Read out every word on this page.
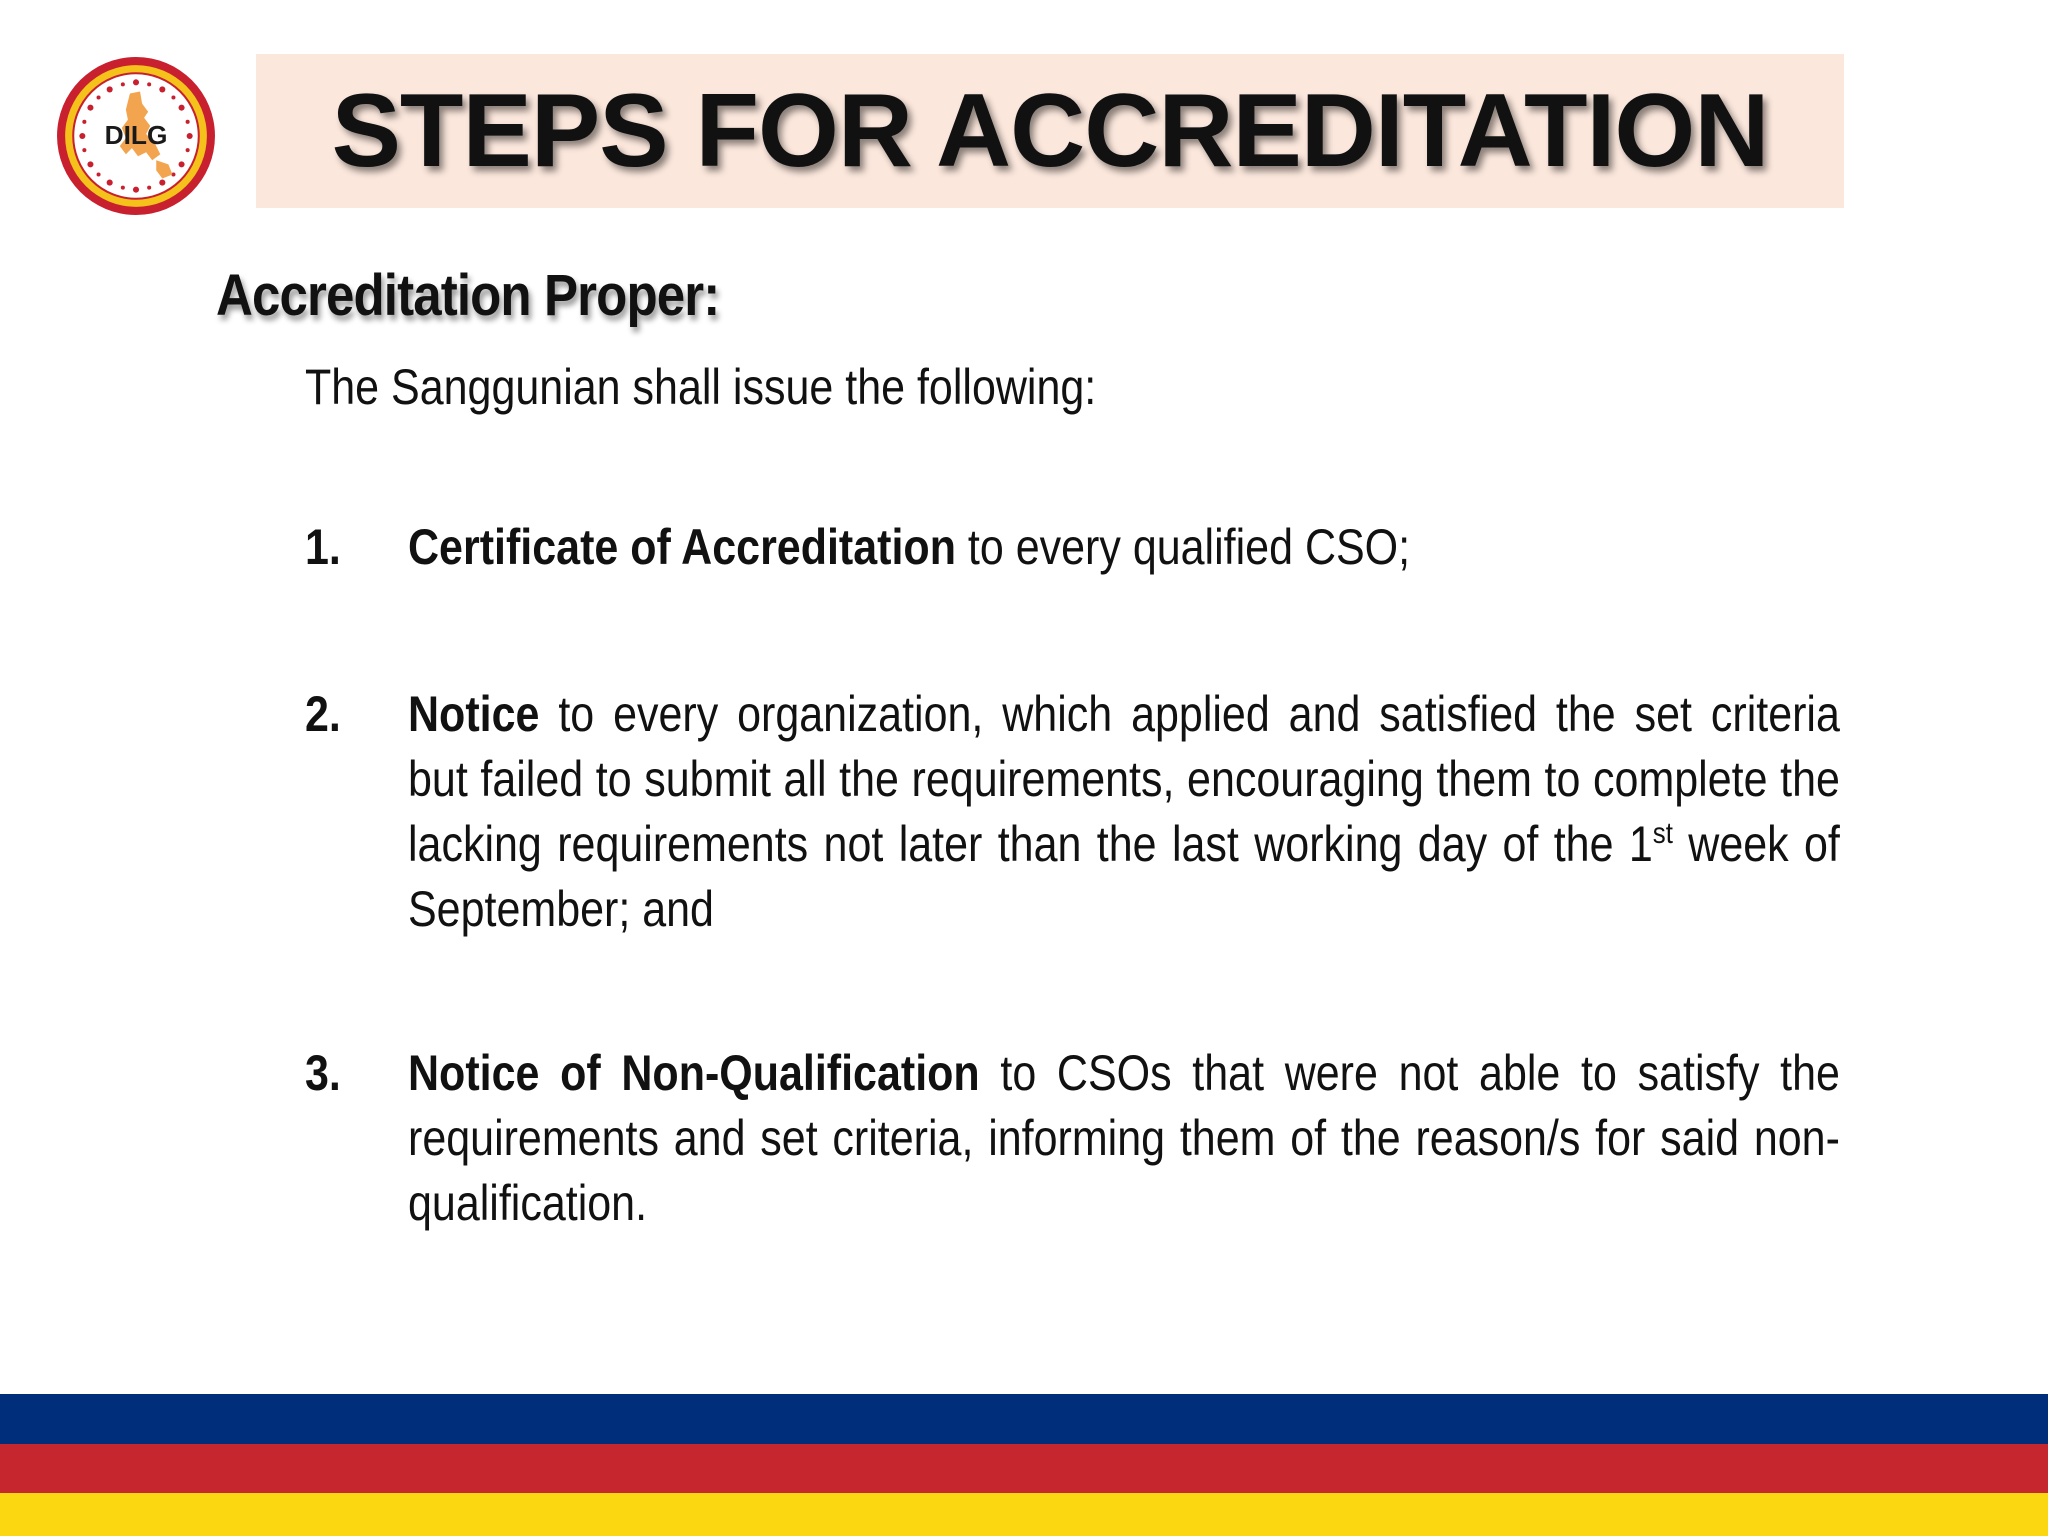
DILG STEPS FOR ACCREDITATION
Accreditation Proper:
The Sanggunian shall issue the following:
1. Certificate of Accreditation to every qualified CSO;
2. Notice to every organization, which applied and satisfied the set criteria but failed to submit all the requirements, encouraging them to complete the lacking requirements not later than the last working day of the 1st week of September; and
3. Notice of Non-Qualification to CSOs that were not able to satisfy the requirements and set criteria, informing them of the reason/s for said non-qualification.
